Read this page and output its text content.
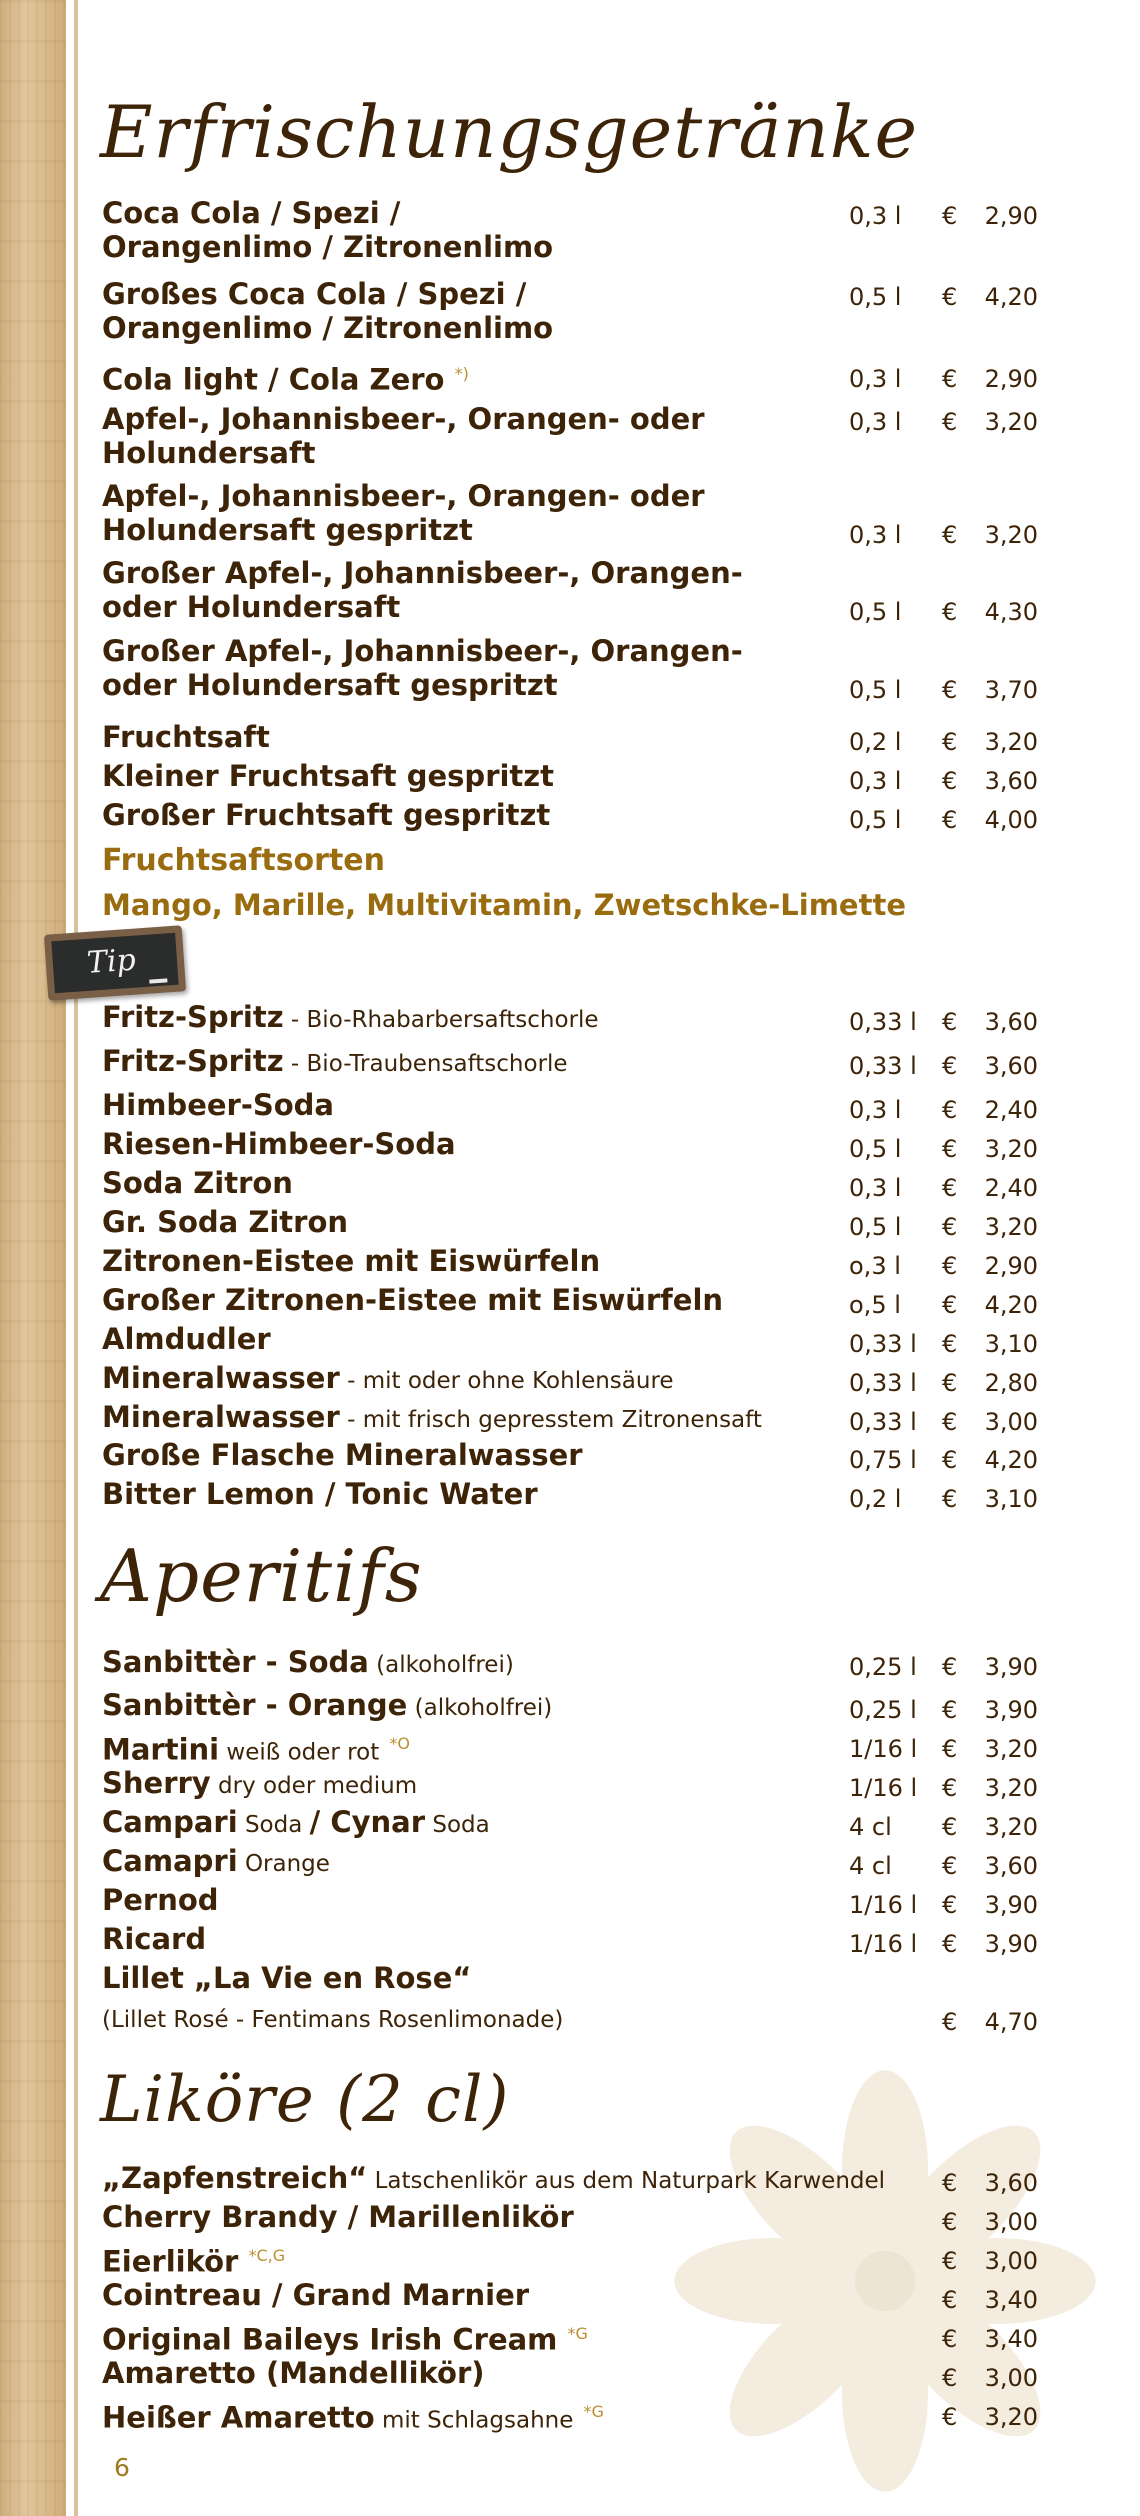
Erfrischungsgetränke
Coca Cola / Spezi /
Orangenlimo / Zitronenlimo
0,3 l € 2,90
Großes Coca Cola / Spezi /
Orangenlimo / Zitronenlimo
0,5 l € 4,20
Cola light / Cola Zero *)	0,3 l € 2,90
Apfel-, Johannisbeer-, Orangen- oder
Holundersaft
0,3 l € 3,20
Apfel-, Johannisbeer-, Orangen- oder
Holundersaft gespritzt	0,3 l € 3,20
Großer Apfel-, Johannisbeer-, Orangen-
oder Holundersaft	0,5 l € 4,30
Großer Apfel-, Johannisbeer-, Orangen-
oder Holundersaft gespritzt	0,5 l € 3,70
Fruchtsaft	0,2 l € 3,20
Kleiner Fruchtsaft gespritzt	0,3 l € 3,60
Großer Fruchtsaft gespritzt	0,5 l € 4,00
Fruchtsaftsorten
Mango, Marille, Multivitamin, Zwetschke-Limette
Tip
Fritz-Spritz - Bio-Rhabarbersaftschorle	0,33 l € 3,60
Fritz-Spritz - Bio-Traubensaftschorle	0,33 l € 3,60
Himbeer-Soda	0,3 l € 2,40
Riesen-Himbeer-Soda	0,5 l € 3,20
Soda Zitron	0,3 l € 2,40
Gr. Soda Zitron	0,5 l € 3,20
Zitronen-Eistee mit Eiswürfeln	o,3 l € 2,90
Großer Zitronen-Eistee mit Eiswürfeln	o,5 l € 4,20
Almdudler	0,33 l € 3,10
Mineralwasser - mit oder ohne Kohlensäure	0,33 l € 2,80
Mineralwasser - mit frisch gepresstem Zitronensaft	0,33 l € 3,00
Große Flasche Mineralwasser	0,75 l € 4,20
Bitter Lemon / Tonic Water	0,2 l € 3,10
Aperitifs
Sanbittèr - Soda (alkoholfrei)	0,25 l € 3,90
Sanbittèr - Orange (alkoholfrei)	0,25 l € 3,90
Martini weiß oder rot $^{*O}$	1/16 l € 3,20
Sherry dry oder medium	1/16 l € 3,20
Campari Soda / Cynar Soda	4 cl € 3,20
Camapri Orange	4 cl € 3,60
Pernod	1/16 l € 3,90
Ricard	1/16 l € 3,90
Lillet „La Vie en Rose“
(Lillet Rosé - Fentimans Rosenlimonade)	€ 4,70
Liköre (2 cl)
„Zapfenstreich“ Latschenlikör aus dem Naturpark Karwendel	€ 3,60
Cherry Brandy / Marillenlikör	€ 3,00
Eierlikör $^{*C,G}$	€ 3,00
Cointreau / Grand Marnier	€ 3,40
Original Baileys Irish Cream $^{*G}$	€ 3,40
Amaretto (Mandellikör)	€ 3,00
Heißer Amaretto mit Schlagsahne $^{*G}$	€ 3,20
6
